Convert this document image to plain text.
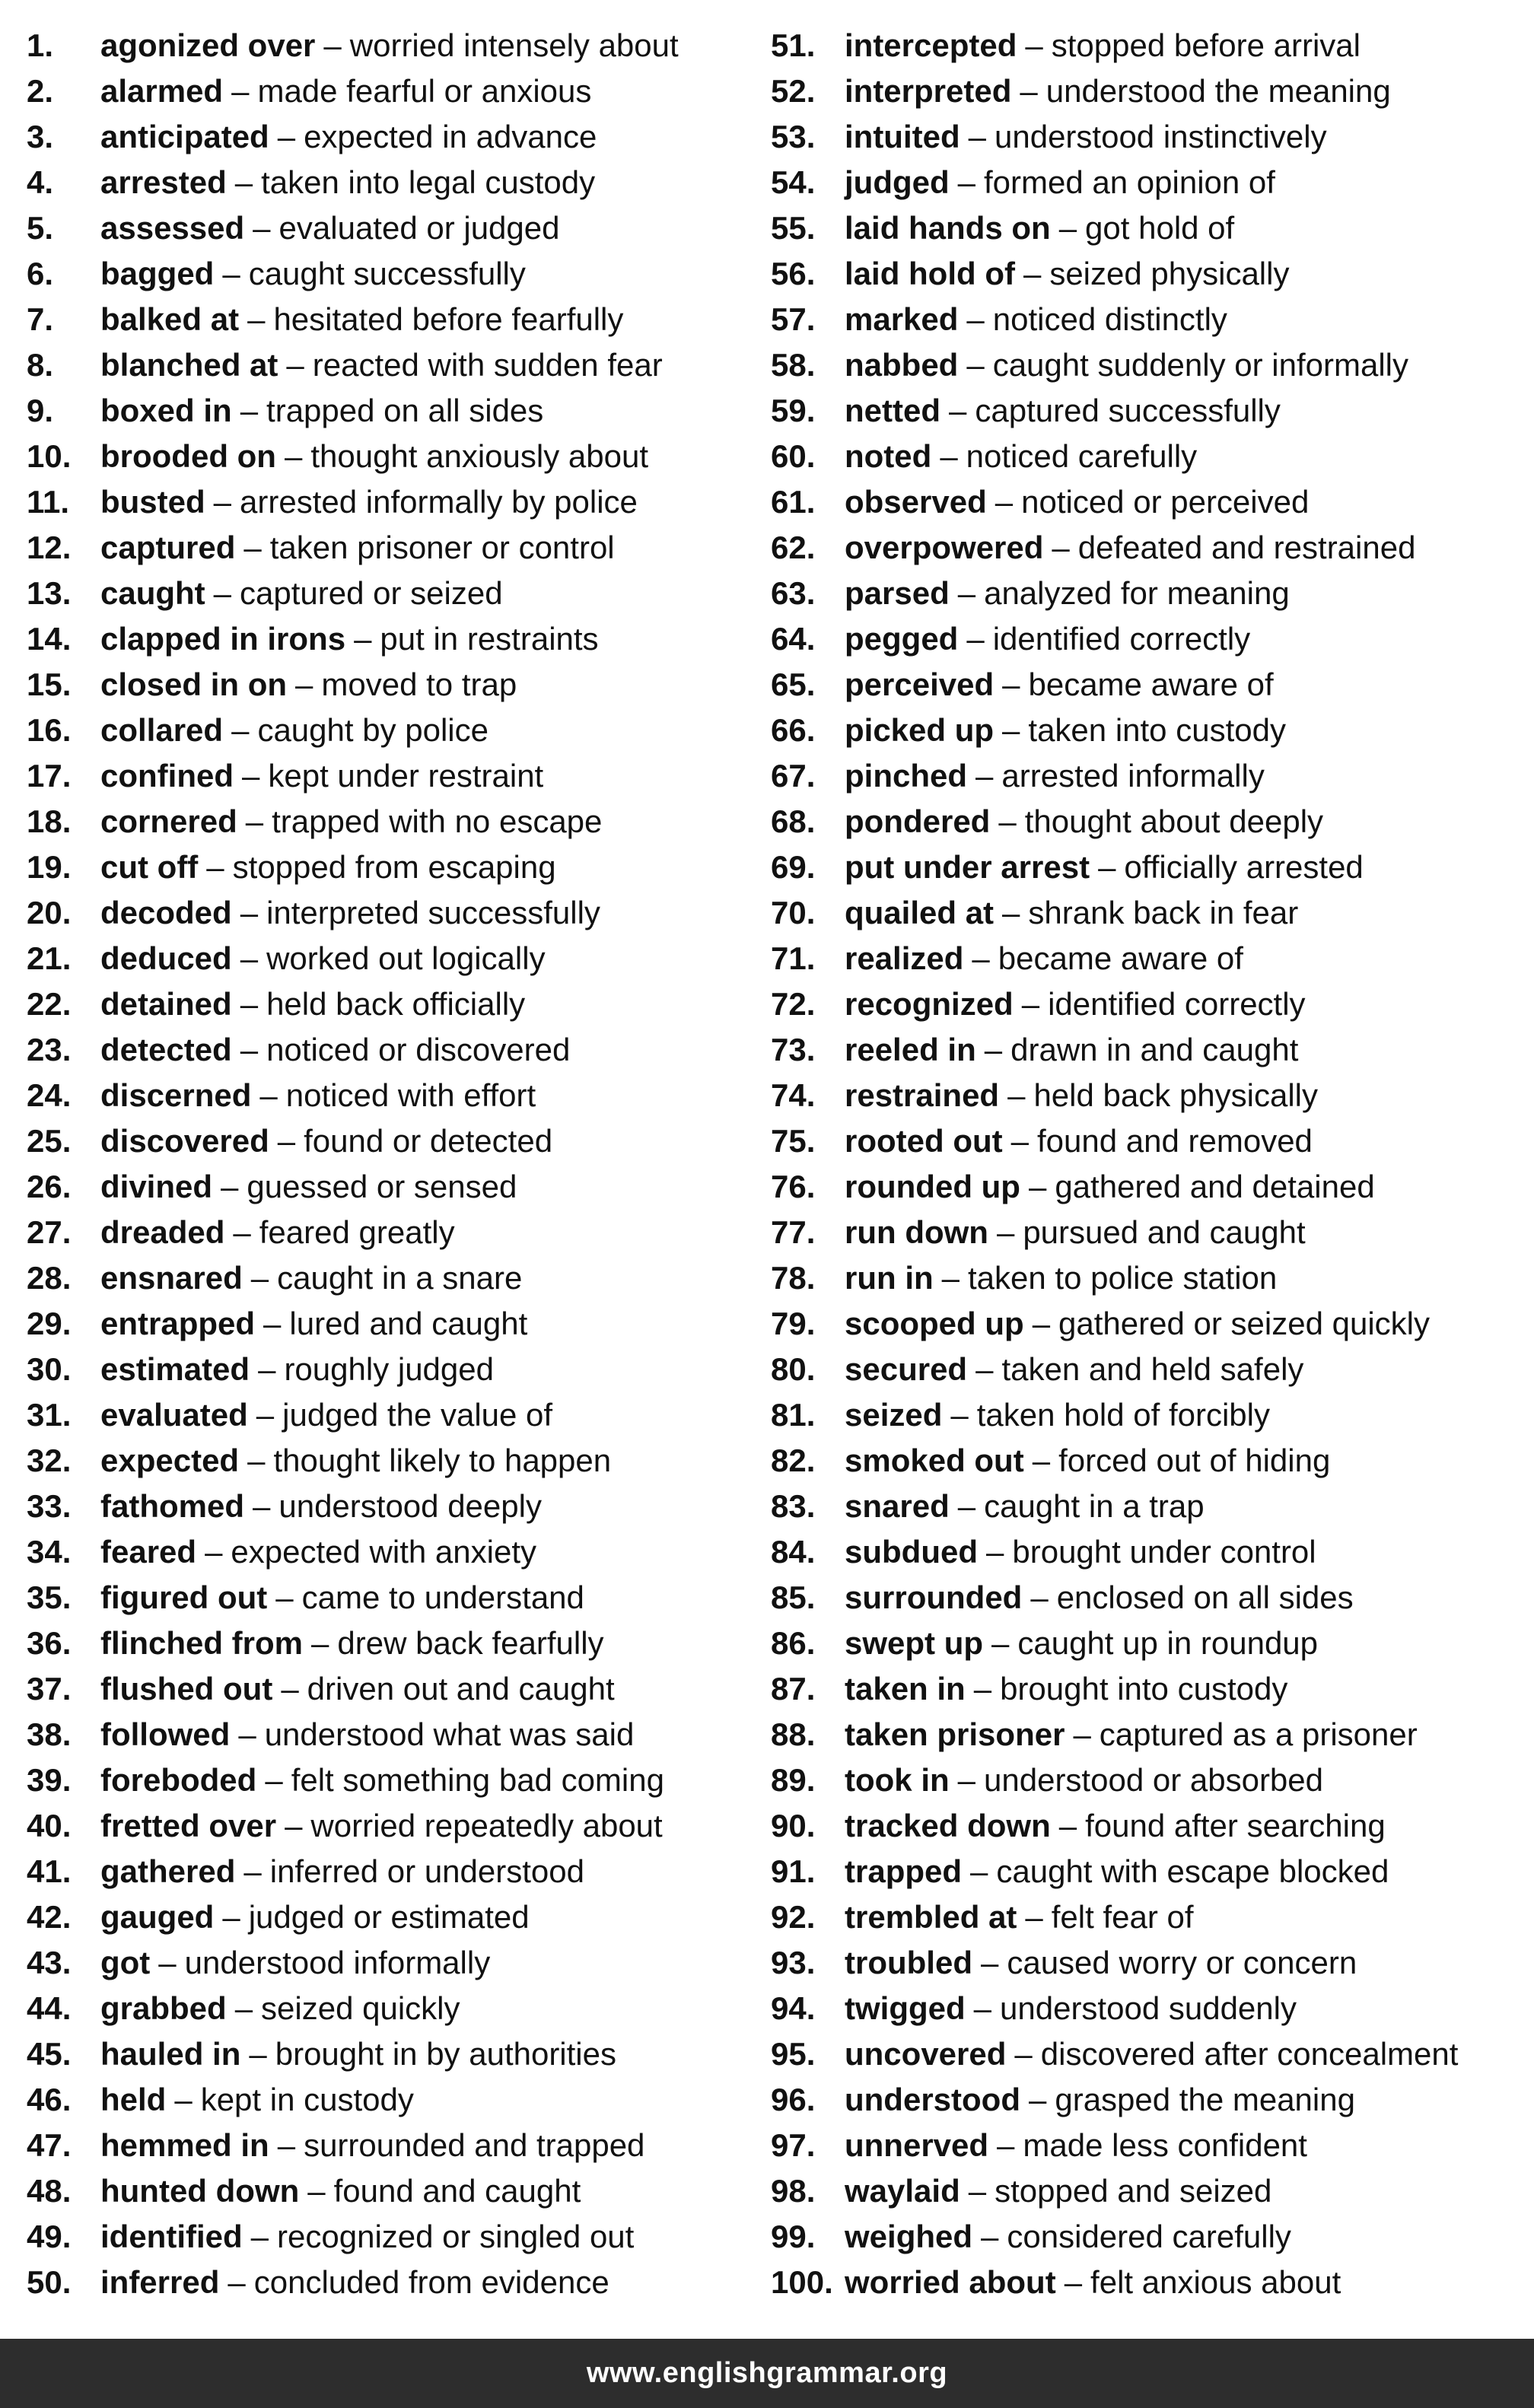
1.	agonized over – worried intensely about
2.	alarmed – made fearful or anxious
3.	anticipated – expected in advance
4.	arrested – taken into legal custody
5.	assessed – evaluated or judged
6.	bagged – caught successfully
7.	balked at – hesitated before fearfully
8.	blanched at – reacted with sudden fear
9.	boxed in – trapped on all sides
10. brooded on – thought anxiously about
11. busted – arrested informally by police
12. captured – taken prisoner or control
13. caught – captured or seized
14. clapped in irons – put in restraints
15. closed in on – moved to trap
16. collared – caught by police
17. confined – kept under restraint
18. cornered – trapped with no escape
19. cut off – stopped from escaping
20. decoded – interpreted successfully
21. deduced – worked out logically
22. detained – held back officially
23. detected – noticed or discovered
24. discerned – noticed with effort
25. discovered – found or detected
26. divined – guessed or sensed
27. dreaded – feared greatly
28. ensnared – caught in a snare
29. entrapped – lured and caught
30. estimated – roughly judged
31. evaluated – judged the value of
32. expected – thought likely to happen
33. fathomed – understood deeply
34. feared – expected with anxiety
35. figured out – came to understand
36. flinched from – drew back fearfully
37. flushed out – driven out and caught
38. followed – understood what was said
39. foreboded – felt something bad coming
40. fretted over – worried repeatedly about
41. gathered – inferred or understood
42. gauged – judged or estimated
43. got – understood informally
44. grabbed – seized quickly
45. hauled in – brought in by authorities
46. held – kept in custody
47. hemmed in – surrounded and trapped
48. hunted down – found and caught
49. identified – recognized or singled out
50. inferred – concluded from evidence
51. intercepted – stopped before arrival
52. interpreted – understood the meaning
53. intuited – understood instinctively
54. judged – formed an opinion of
55. laid hands on – got hold of
56. laid hold of – seized physically
57. marked – noticed distinctly
58. nabbed – caught suddenly or informally
59. netted – captured successfully
60. noted – noticed carefully
61. observed – noticed or perceived
62. overpowered – defeated and restrained
63. parsed – analyzed for meaning
64. pegged – identified correctly
65. perceived – became aware of
66. picked up – taken into custody
67. pinched – arrested informally
68. pondered – thought about deeply
69. put under arrest – officially arrested
70. quailed at – shrank back in fear
71. realized – became aware of
72. recognized – identified correctly
73. reeled in – drawn in and caught
74. restrained – held back physically
75. rooted out – found and removed
76. rounded up – gathered and detained
77. run down – pursued and caught
78. run in – taken to police station
79. scooped up – gathered or seized quickly
80. secured – taken and held safely
81. seized – taken hold of forcibly
82. smoked out – forced out of hiding
83. snared – caught in a trap
84. subdued – brought under control
85. surrounded – enclosed on all sides
86. swept up – caught up in roundup
87. taken in – brought into custody
88. taken prisoner – captured as a prisoner
89. took in – understood or absorbed
90. tracked down – found after searching
91. trapped – caught with escape blocked
92. trembled at – felt fear of
93. troubled – caused worry or concern
94. twigged – understood suddenly
95. uncovered – discovered after concealment
96. understood – grasped the meaning
97. unnerved – made less confident
98. waylaid – stopped and seized
99. weighed – considered carefully
100. worried about – felt anxious about
www.englishgrammar.org
